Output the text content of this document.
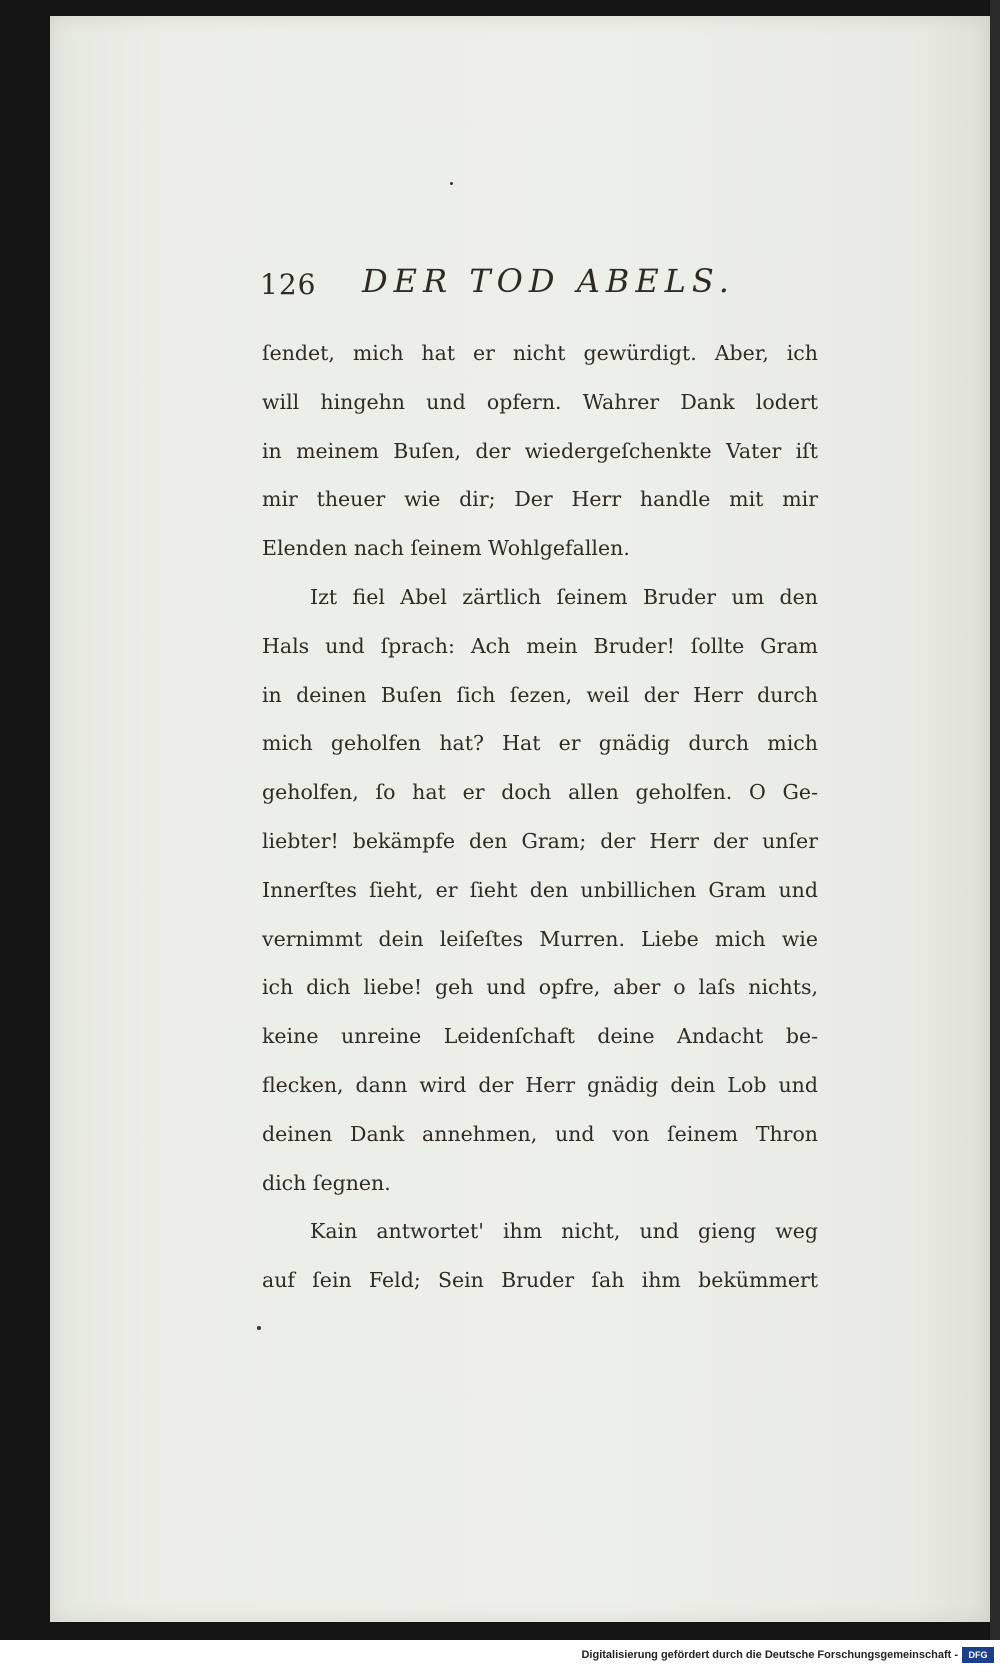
126 DER TOD ABELS.
ſendet, mich hat er nicht gewürdigt. Aber, ich
will hingehn und opfern. Wahrer Dank lodert
in meinem Buſen, der wiedergeſchenkte Vater iſt
mir theuer wie dir; Der Herr handle mit mir
Elenden nach ſeinem Wohlgefallen.
Izt fiel Abel zärtlich ſeinem Bruder um den
Hals und ſprach: Ach mein Bruder! ſollte Gram
in deinen Buſen ſich ſezen, weil der Herr durch
mich geholfen hat? Hat er gnädig durch mich
geholfen, ſo hat er doch allen geholfen. O Ge-
liebter! bekämpfe den Gram; der Herr der unſer
Innerſtes ſieht, er ſieht den unbillichen Gram und
vernimmt dein leiſeſtes Murren. Liebe mich wie
ich dich liebe! geh und opfre, aber o laſs nichts,
keine unreine Leidenſchaft deine Andacht be-
flecken, dann wird der Herr gnädig dein Lob und
deinen Dank annehmen, und von ſeinem Thron
dich ſegnen.
Kain antwortet' ihm nicht, und gieng weg
auf ſein Feld; Sein Bruder ſah ihm bekümmert
Digitalisierung gefördert durch die Deutsche Forschungsgemeinschaft -	DFG
